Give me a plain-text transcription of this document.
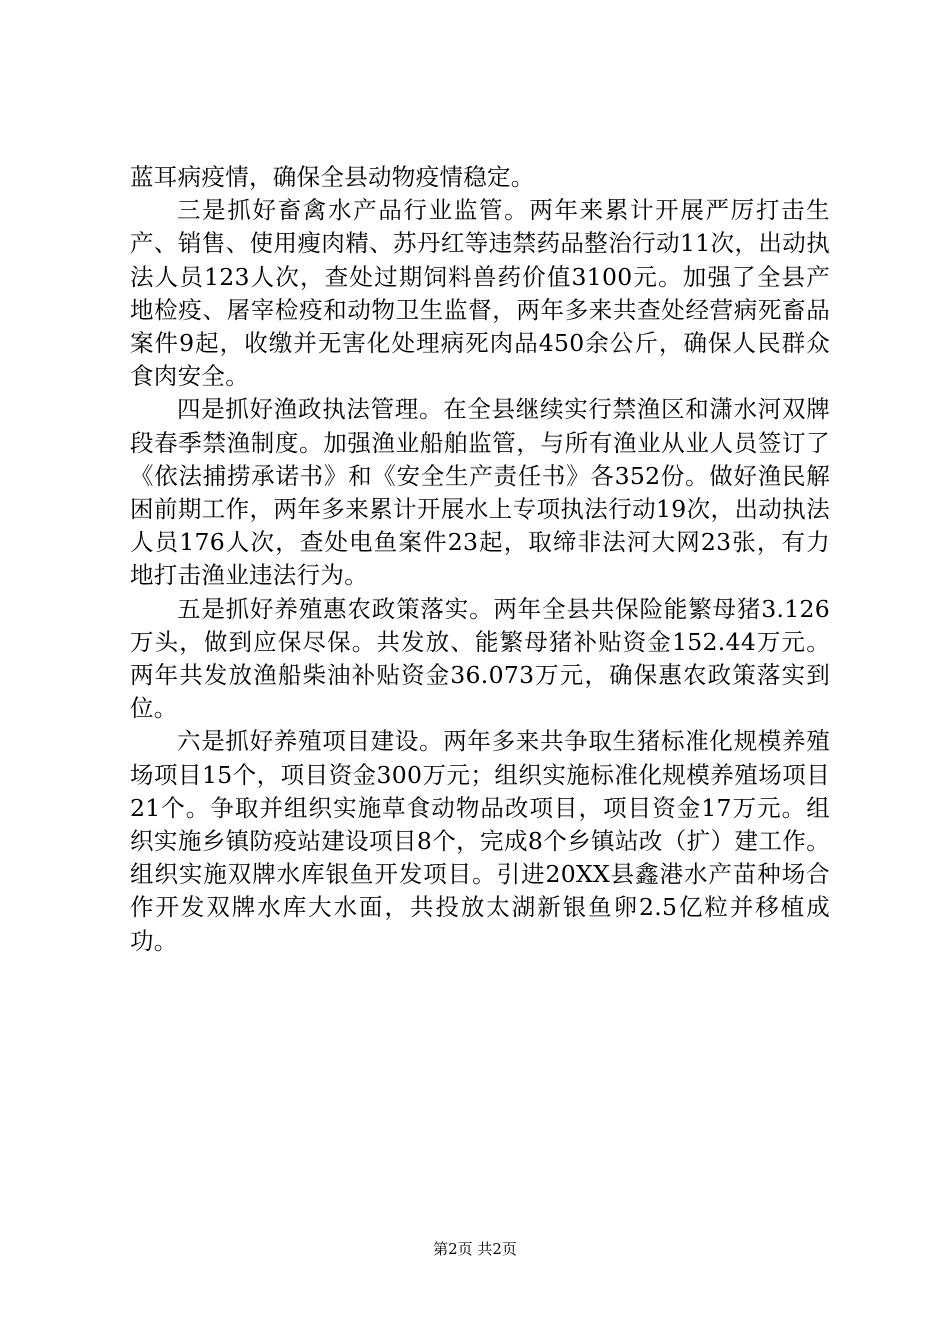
蓝耳病疫情，确保全县动物疫情稳定。

三是抓好畜禽水产品行业监管。两年来累计开展严厉打击生产、销售、使用瘦肉精、苏丹红等违禁药品整治行动11次，出动执法人员123人次，查处过期饲料兽药价值3100元。加强了全县产地检疫、屠宰检疫和动物卫生监督，两年多来共查处经营病死畜品案件9起，收缴并无害化处理病死肉品450余公斤，确保人民群众食肉安全。

四是抓好渔政执法管理。在全县继续实行禁渔区和潇水河双牌段春季禁渔制度。加强渔业船舶监管，与所有渔业从业人员签订了《依法捕捞承诺书》和《安全生产责任书》各352份。做好渔民解困前期工作，两年多来累计开展水上专项执法行动19次，出动执法人员176人次，查处电鱼案件23起，取缔非法河大网23张，有力地打击渔业违法行为。

五是抓好养殖惠农政策落实。两年全县共保险能繁母猪3.126万头，做到应保尽保。共发放、能繁母猪补贴资金152.44万元。两年共发放渔船柴油补贴资金36.073万元，确保惠农政策落实到位。

六是抓好养殖项目建设。两年多来共争取生猪标准化规模养殖场项目15个，项目资金300万元；组织实施标准化规模养殖场项目21个。争取并组织实施草食动物品改项目，项目资金17万元。组织实施乡镇防疫站建设项目8个，完成8个乡镇站改（扩）建工作。组织实施双牌水库银鱼开发项目。引进20XX县鑫港水产苗种场合作开发双牌水库大水面，共投放太湖新银鱼卵2.5亿粒并移植成功。

第2页 共2页
